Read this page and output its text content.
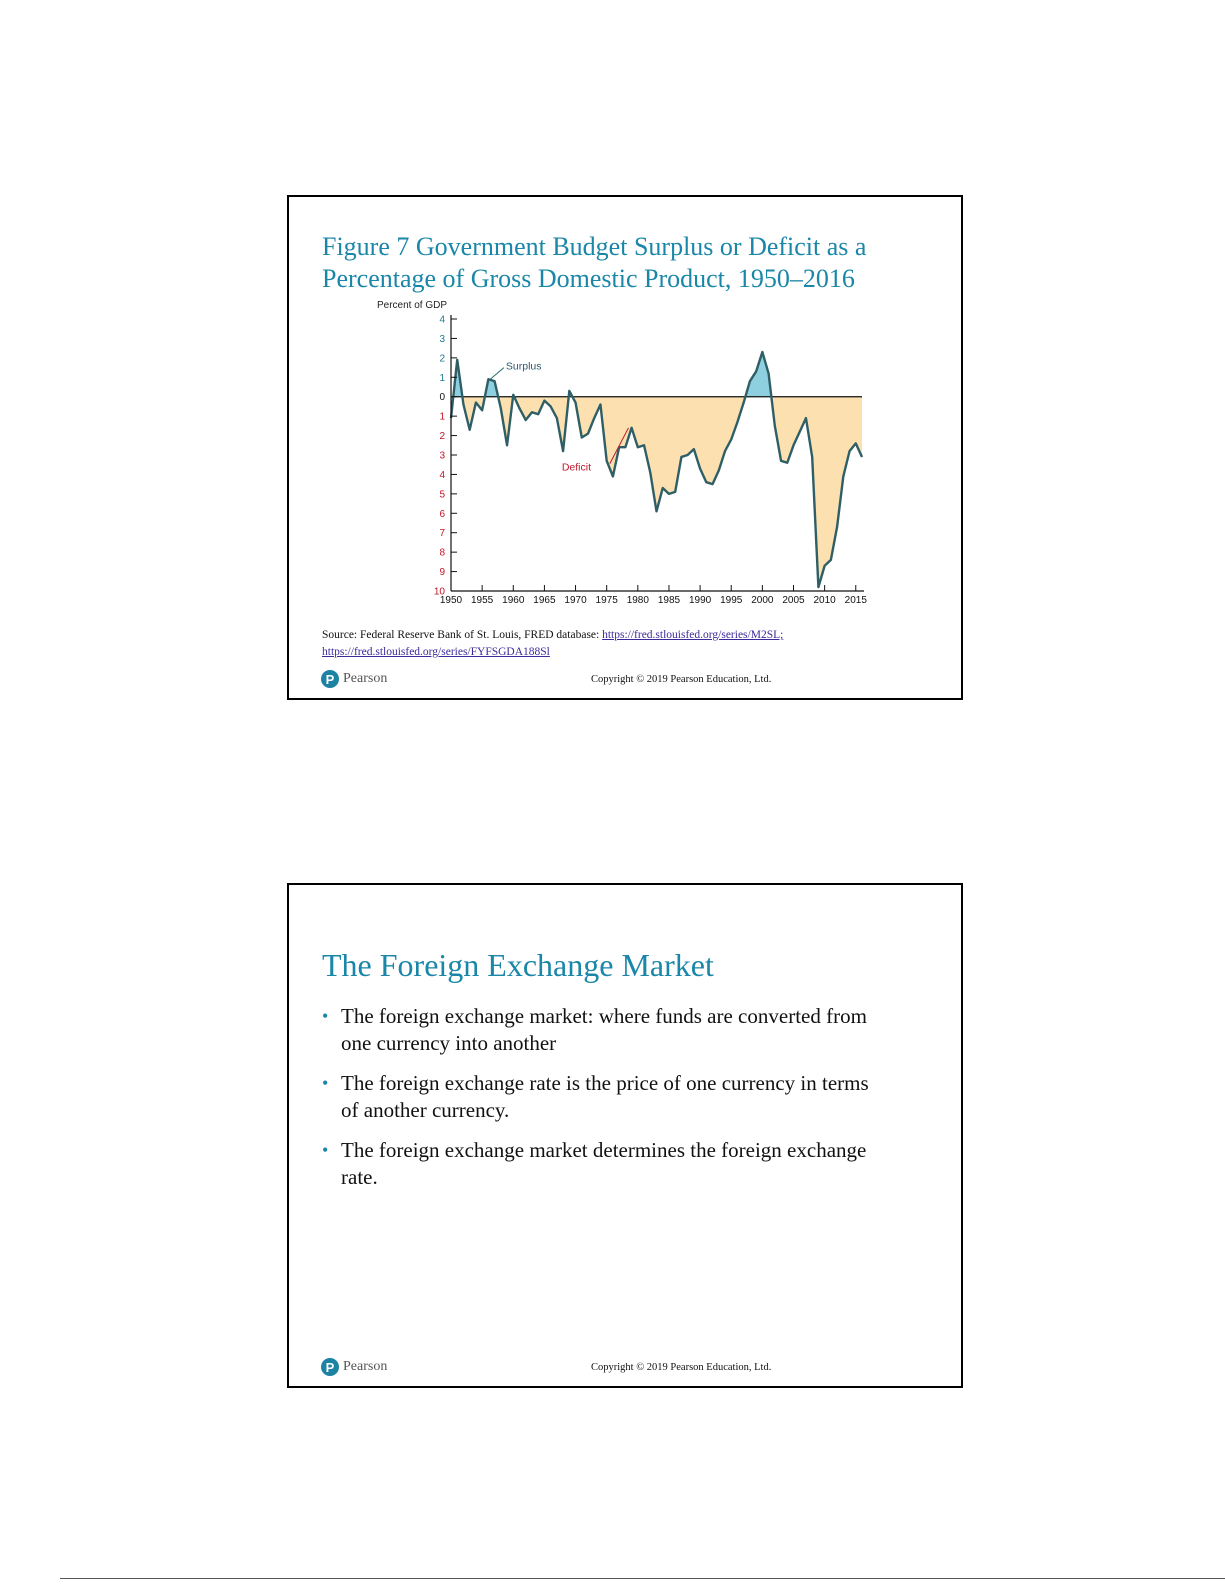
Figure 7 Government Budget Surplus or Deficit as a Percentage of Gross Domestic Product, 1950–2016
Percent of GDP
4
3
2
1
0
1
2
3
4
5
6
7
8
9
10
1950 1955 1960 1965 1970 1975 1980 1985 1990 1995 2000 2005 2010 2015
Surplus
Deficit
Source: Federal Reserve Bank of St. Louis, FRED database: https://fred.stlouisfed.org/series/M2SL;
https://fred.stlouisfed.org/series/FYFSGDA188Sl
P Pearson	Copyright © 2019 Pearson Education, Ltd.
The Foreign Exchange Market
• The foreign exchange market: where funds are converted from one currency into another
• The foreign exchange rate is the price of one currency in terms of another currency.
• The foreign exchange market determines the foreign exchange rate.
P Pearson	Copyright © 2019 Pearson Education, Ltd.
